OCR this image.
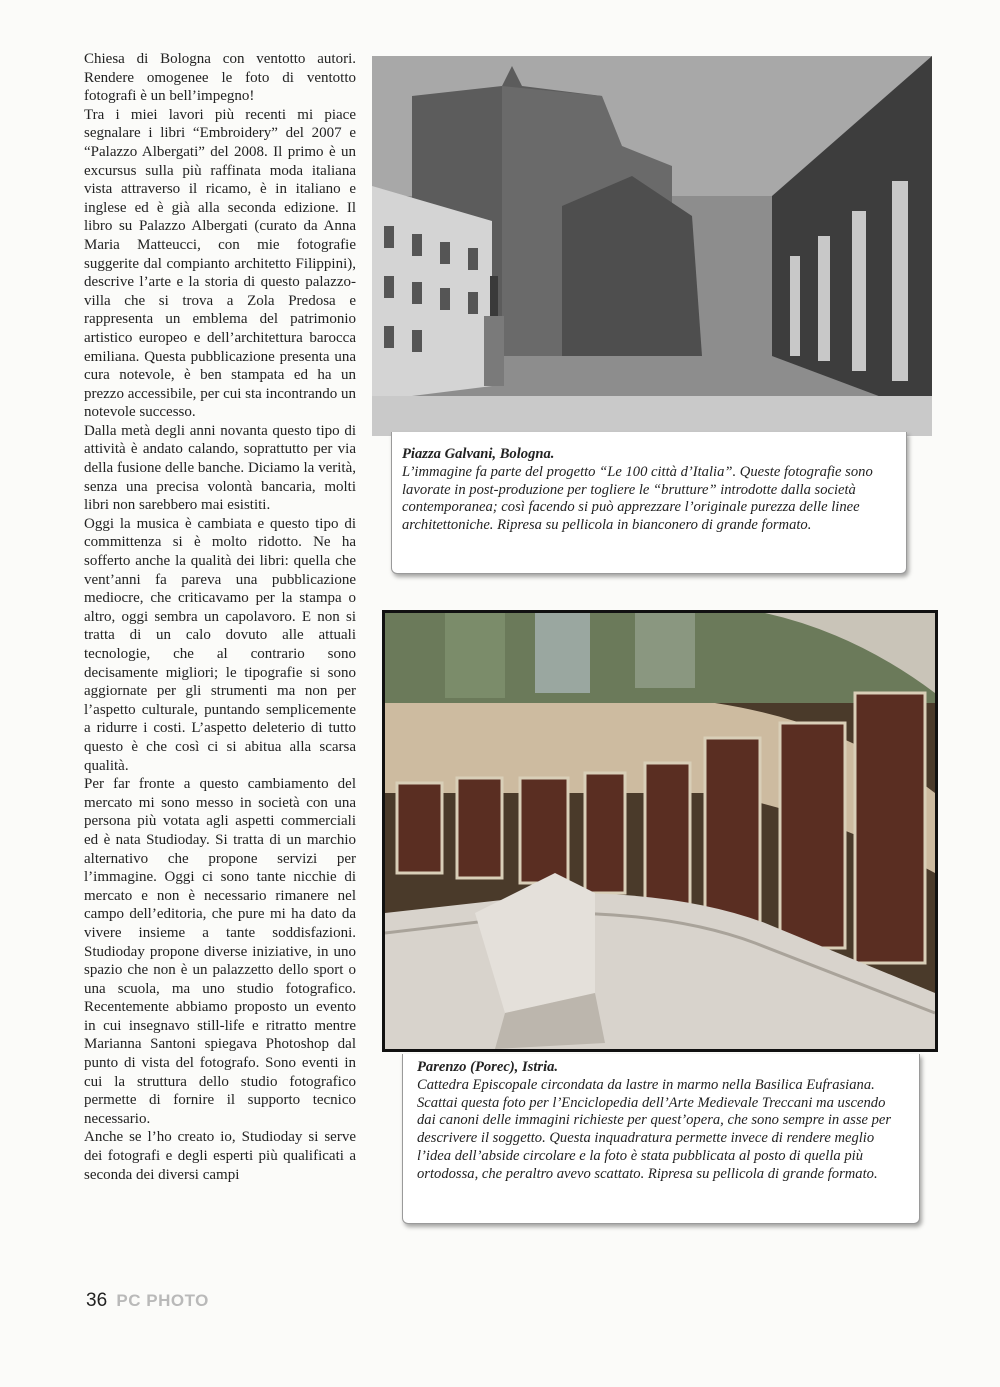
Chiesa di Bologna con ventotto autori. Rendere omogenee le foto di ventotto fotografi è un bell’impegno!

Tra i miei lavori più recenti mi piace segnalare i libri “Embroidery” del 2007 e “Palazzo Albergati” del 2008. Il primo è un excursus sulla più raffinata moda italiana vista attraverso il ricamo, è in italiano e inglese ed è già alla seconda edizione. Il libro su Palazzo Albergati (curato da Anna Maria Matteucci, con mie fotografie suggerite dal compianto architetto Filippini), descrive l’arte e la storia di questo palazzo-villa che si trova a Zola Predosa e rappresenta un emblema del patrimonio artistico europeo e dell’architettura barocca emiliana. Questa pubblicazione presenta una cura notevole, è ben stampata ed ha un prezzo accessibile, per cui sta incontrando un notevole successo.

Dalla metà degli anni novanta questo tipo di attività è andato calando, soprattutto per via della fusione delle banche. Diciamo la verità, senza una precisa volontà bancaria, molti libri non sarebbero mai esistiti.

Oggi la musica è cambiata e questo tipo di committenza si è molto ridotto. Ne ha sofferto anche la qualità dei libri: quella che vent’anni fa pareva una pubblicazione mediocre, che criticavamo per la stampa o altro, oggi sembra un capolavoro. E non si tratta di un calo dovuto alle attuali tecnologie, che al contrario sono decisamente migliori; le tipografie si sono aggiornate per gli strumenti ma non per l’aspetto culturale, puntando semplicemente a ridurre i costi. L’aspetto deleterio di tutto questo è che così ci si abitua alla scarsa qualità.

Per far fronte a questo cambiamento del mercato mi sono messo in società con una persona più votata agli aspetti commerciali ed è nata Studioday. Si tratta di un marchio alternativo che propone servizi per l’immagine. Oggi ci sono tante nicchie di mercato e non è necessario rimanere nel campo dell’editoria, che pure mi ha dato da vivere insieme a tante soddisfazioni. Studioday propone diverse iniziative, in uno spazio che non è un palazzetto dello sport o una scuola, ma uno studio fotografico. Recentemente abbiamo proposto un evento in cui insegnavo still-life e ritratto mentre Marianna Santoni spiegava Photoshop dal punto di vista del fotografo. Sono eventi in cui la struttura dello studio fotografico permette di fornire il supporto tecnico necessario.

Anche se l’ho creato io, Studioday si serve dei fotografi e degli esperti più qualificati a seconda dei diversi campi

Piazza Galvani, Bologna.
L’immagine fa parte del progetto “Le 100 città d’Italia”. Queste fotografie sono lavorate in post-produzione per togliere le “brutture” introdotte dalla società contemporanea; così facendo si può apprezzare l’originale purezza delle linee architettoniche. Ripresa su pellicola in bianconero di grande formato.
Parenzo (Porec), Istria.
Cattedra Episcopale circondata da lastre in marmo nella Basilica Eufrasiana. Scattai questa foto per l’Enciclopedia dell’Arte Medievale Treccani ma uscendo dai canoni delle immagini richieste per quest’opera, che sono sempre in asse per descrivere il soggetto. Questa inquadratura permette invece di rendere meglio l’idea dell’abside circolare e la foto è stata pubblicata al posto di quella più ortodossa, che peraltro avevo scattato. Ripresa su pellicola di grande formato.
36 PC PHOTO
